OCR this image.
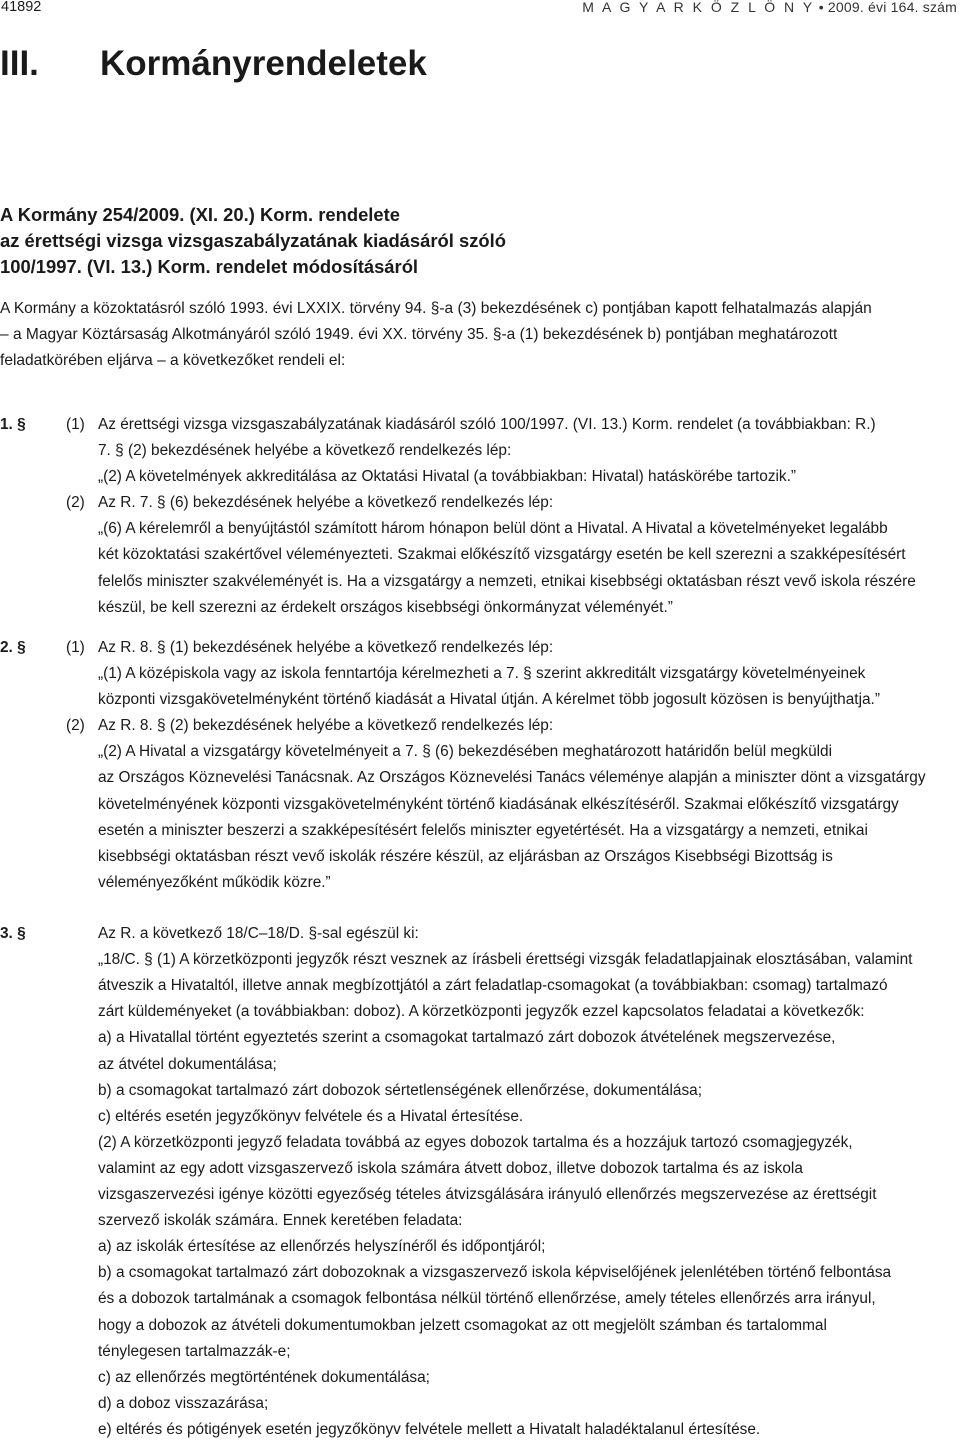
41892	M A G Y A R K Ö Z L Ö N Y • 2009. évi 164. szám
III.	Kormányrendeletek
A Kormány 254/2009. (XI. 20.) Korm. rendelete
az érettségi vizsga vizsgaszabályzatának kiadásáról szóló
100/1997. (VI. 13.) Korm. rendelet módosításáról
A Kormány a közoktatásról szóló 1993. évi LXXIX. törvény 94. §-a (3) bekezdésének c) pontjában kapott felhatalmazás alapján
– a Magyar Köztársaság Alkotmányáról szóló 1949. évi XX. törvény 35. §-a (1) bekezdésének b) pontjában meghatározott
feladatkörében eljárva – a következőket rendeli el:
1. §	(1) Az érettségi vizsga vizsgaszabályzatának kiadásáról szóló 100/1997. (VI. 13.) Korm. rendelet (a továbbiakban: R.)
7. § (2) bekezdésének helyébe a következő rendelkezés lép:
„(2) A követelmények akkreditálása az Oktatási Hivatal (a továbbiakban: Hivatal) hatáskörébe tartozik.”
(2) Az R. 7. § (6) bekezdésének helyébe a következő rendelkezés lép:
„(6) A kérelemről a benyújtástól számított három hónapon belül dönt a Hivatal. A Hivatal a követelményeket legalább
két közoktatási szakértővel véleményezteti. Szakmai előkészítő vizsgatárgy esetén be kell szerezni a szakképesítésért
felelős miniszter szakvéleményét is. Ha a vizsgatárgy a nemzeti, etnikai kisebbségi oktatásban részt vevő iskola részére
készül, be kell szerezni az érdekelt országos kisebbségi önkormányzat véleményét.”
2. §	(1) Az R. 8. § (1) bekezdésének helyébe a következő rendelkezés lép:
„(1) A középiskola vagy az iskola fenntartója kérelmezheti a 7. § szerint akkreditált vizsgatárgy követelményeinek
központi vizsgakövetelményként történő kiadását a Hivatal útján. A kérelmet több jogosult közösen is benyújthatja.”
(2) Az R. 8. § (2) bekezdésének helyébe a következő rendelkezés lép:
„(2) A Hivatal a vizsgatárgy követelményeit a 7. § (6) bekezdésében meghatározott határidőn belül megküldi
az Országos Köznevelési Tanácsnak. Az Országos Köznevelési Tanács véleménye alapján a miniszter dönt a vizsgatárgy
követelményének központi vizsgakövetelményként történő kiadásának elkészítéséről. Szakmai előkészítő vizsgatárgy
esetén a miniszter beszerzi a szakképesítésért felelős miniszter egyetértését. Ha a vizsgatárgy a nemzeti, etnikai
kisebbségi oktatásban részt vevő iskolák részére készül, az eljárásban az Országos Kisebbségi Bizottság is
véleményezőként működik közre.”
3. §	Az R. a következő 18/C–18/D. §-sal egészül ki:
„18/C. § (1) A körzetközponti jegyzők részt vesznek az írásbeli érettségi vizsgák feladatlapjainak elosztásában, valamint
átveszik a Hivataltól, illetve annak megbízottjától a zárt feladatlap-csomagokat (a továbbiakban: csomag) tartalmazó
zárt küldeményeket (a továbbiakban: doboz). A körzetközponti jegyzők ezzel kapcsolatos feladatai a következők:
a) a Hivatallal történt egyeztetés szerint a csomagokat tartalmazó zárt dobozok átvételének megszervezése,
az átvétel dokumentálása;
b) a csomagokat tartalmazó zárt dobozok sértetlenségének ellenőrzése, dokumentálása;
c) eltérés esetén jegyzőkönyv felvétele és a Hivatal értesítése.
(2) A körzetközponti jegyző feladata továbbá az egyes dobozok tartalma és a hozzájuk tartozó csomagjegyzék,
valamint az egy adott vizsgaszervező iskola számára átvett doboz, illetve dobozok tartalma és az iskola
vizsgaszervezési igénye közötti egyezőség tételes átvizsgálására irányuló ellenőrzés megszervezése az érettségit
szervező iskolák számára. Ennek keretében feladata:
a) az iskolák értesítése az ellenőrzés helyszínéről és időpontjáról;
b) a csomagokat tartalmazó zárt dobozoknak a vizsgaszervező iskola képviselőjének jelenlétében történő felbontása
és a dobozok tartalmának a csomagok felbontása nélkül történő ellenőrzése, amely tételes ellenőrzés arra irányul,
hogy a dobozok az átvételi dokumentumokban jelzett csomagokat az ott megjelölt számban és tartalommal
ténylegesen tartalmazzák-e;
c) az ellenőrzés megtörténtének dokumentálása;
d) a doboz visszazárása;
e) eltérés és pótigények esetén jegyzőkönyv felvétele mellett a Hivatalt haladéktalanul értesítése.
